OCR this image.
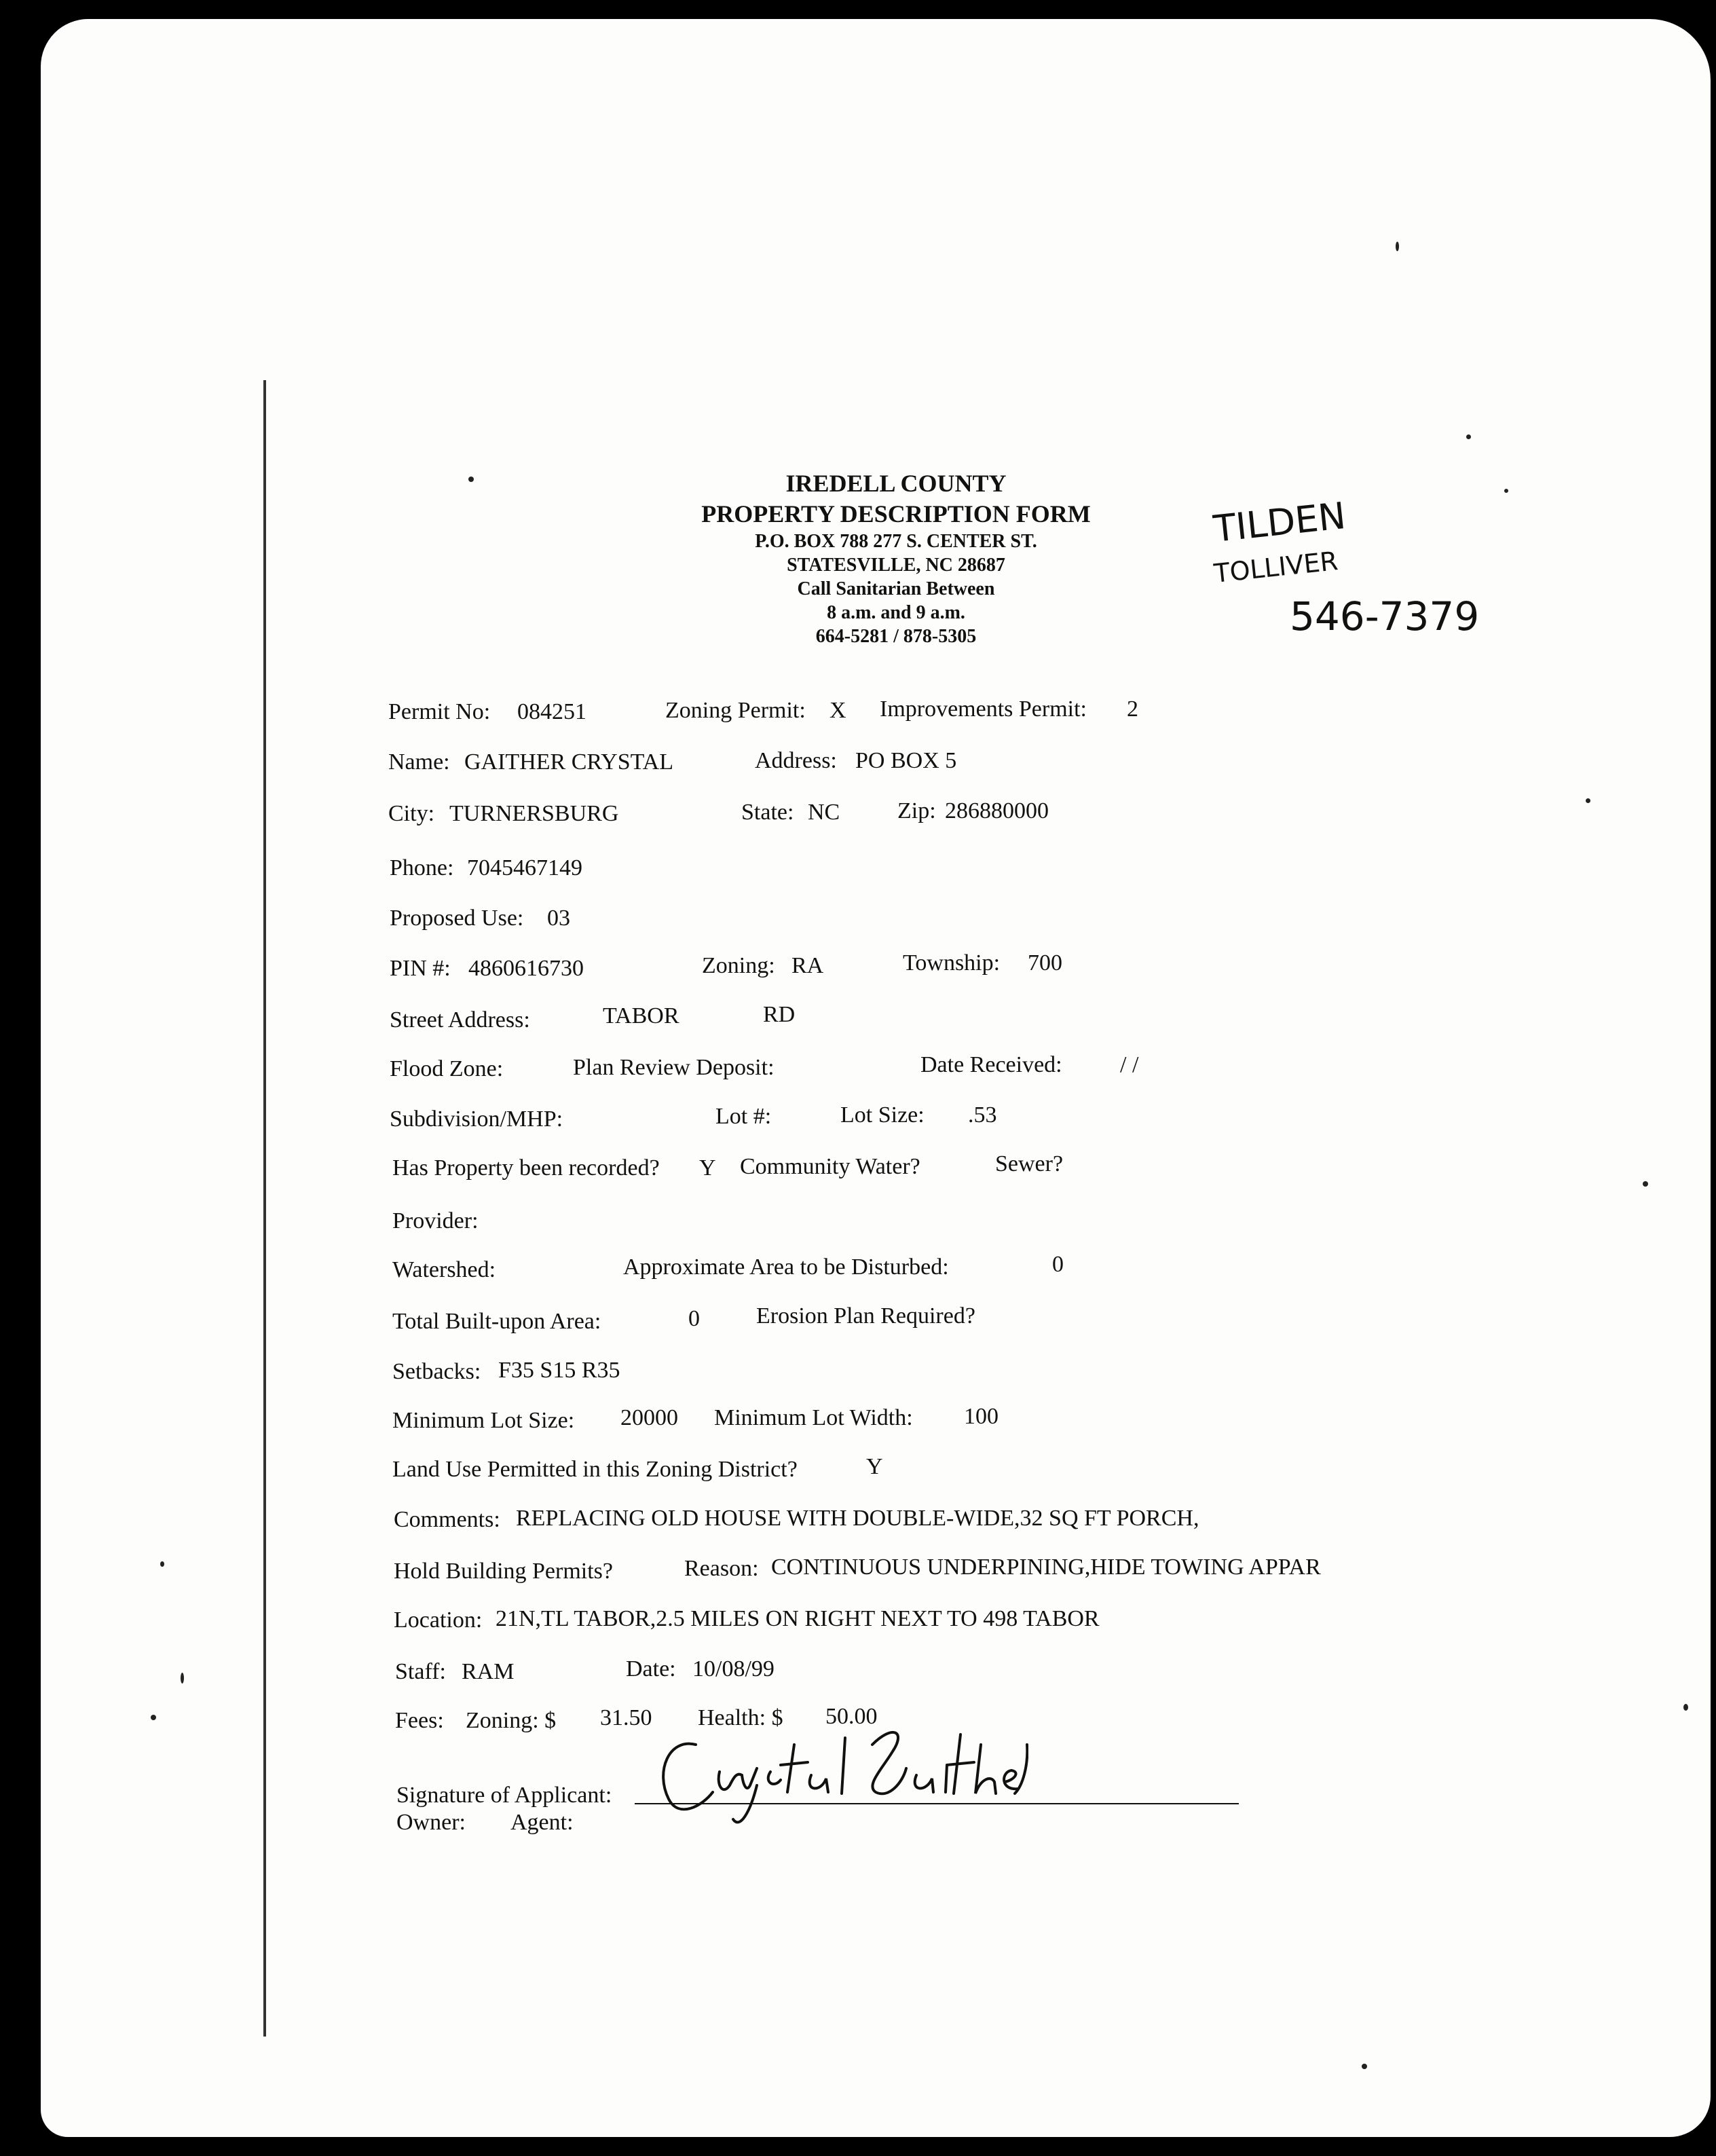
IREDELL COUNTY
PROPERTY DESCRIPTION FORM
P.O. BOX 788 277 S. CENTER ST.
STATESVILLE, NC 28687
Call Sanitarian Between
8 a.m. and 9 a.m.
664-5281 / 878-5305
TILDEN
TOLLIVER
546-7379
Permit No: 084251	Zoning Permit: X Improvements Permit: 2
Name: GAITHER CRYSTAL	Address: PO BOX 5
City: TURNERSBURG	State: NC Zip: 286880000
Phone: 7045467149
Proposed Use: 03
PIN #: 4860616730	Zoning: RA	Township: 700
Street Address:	TABOR	RD
Flood Zone:	Plan Review Deposit:	Date Received:	/ /
Subdivision/MHP:	Lot #:	Lot Size: .53
Has Property been recorded? Y Community Water?	Sewer?
Provider:
Watershed:	Approximate Area to be Disturbed:	0
Total Built-upon Area:	0 Erosion Plan Required?
Setbacks: F35 S15 R35
Minimum Lot Size: 20000 Minimum Lot Width: 100
Land Use Permitted in this Zoning District?	Y
Comments: REPLACING OLD HOUSE WITH DOUBLE-WIDE,32 SQ FT PORCH,
Hold Building Permits?	Reason: CONTINUOUS UNDERPINING,HIDE TOWING APPAR
Location: 21N,TL TABOR,2.5 MILES ON RIGHT NEXT TO 498 TABOR
Staff: RAM	Date: 10/08/99
Fees: Zoning: $ 31.50 Health: $ 50.00
Signature of Applicant:
Owner: Agent:
